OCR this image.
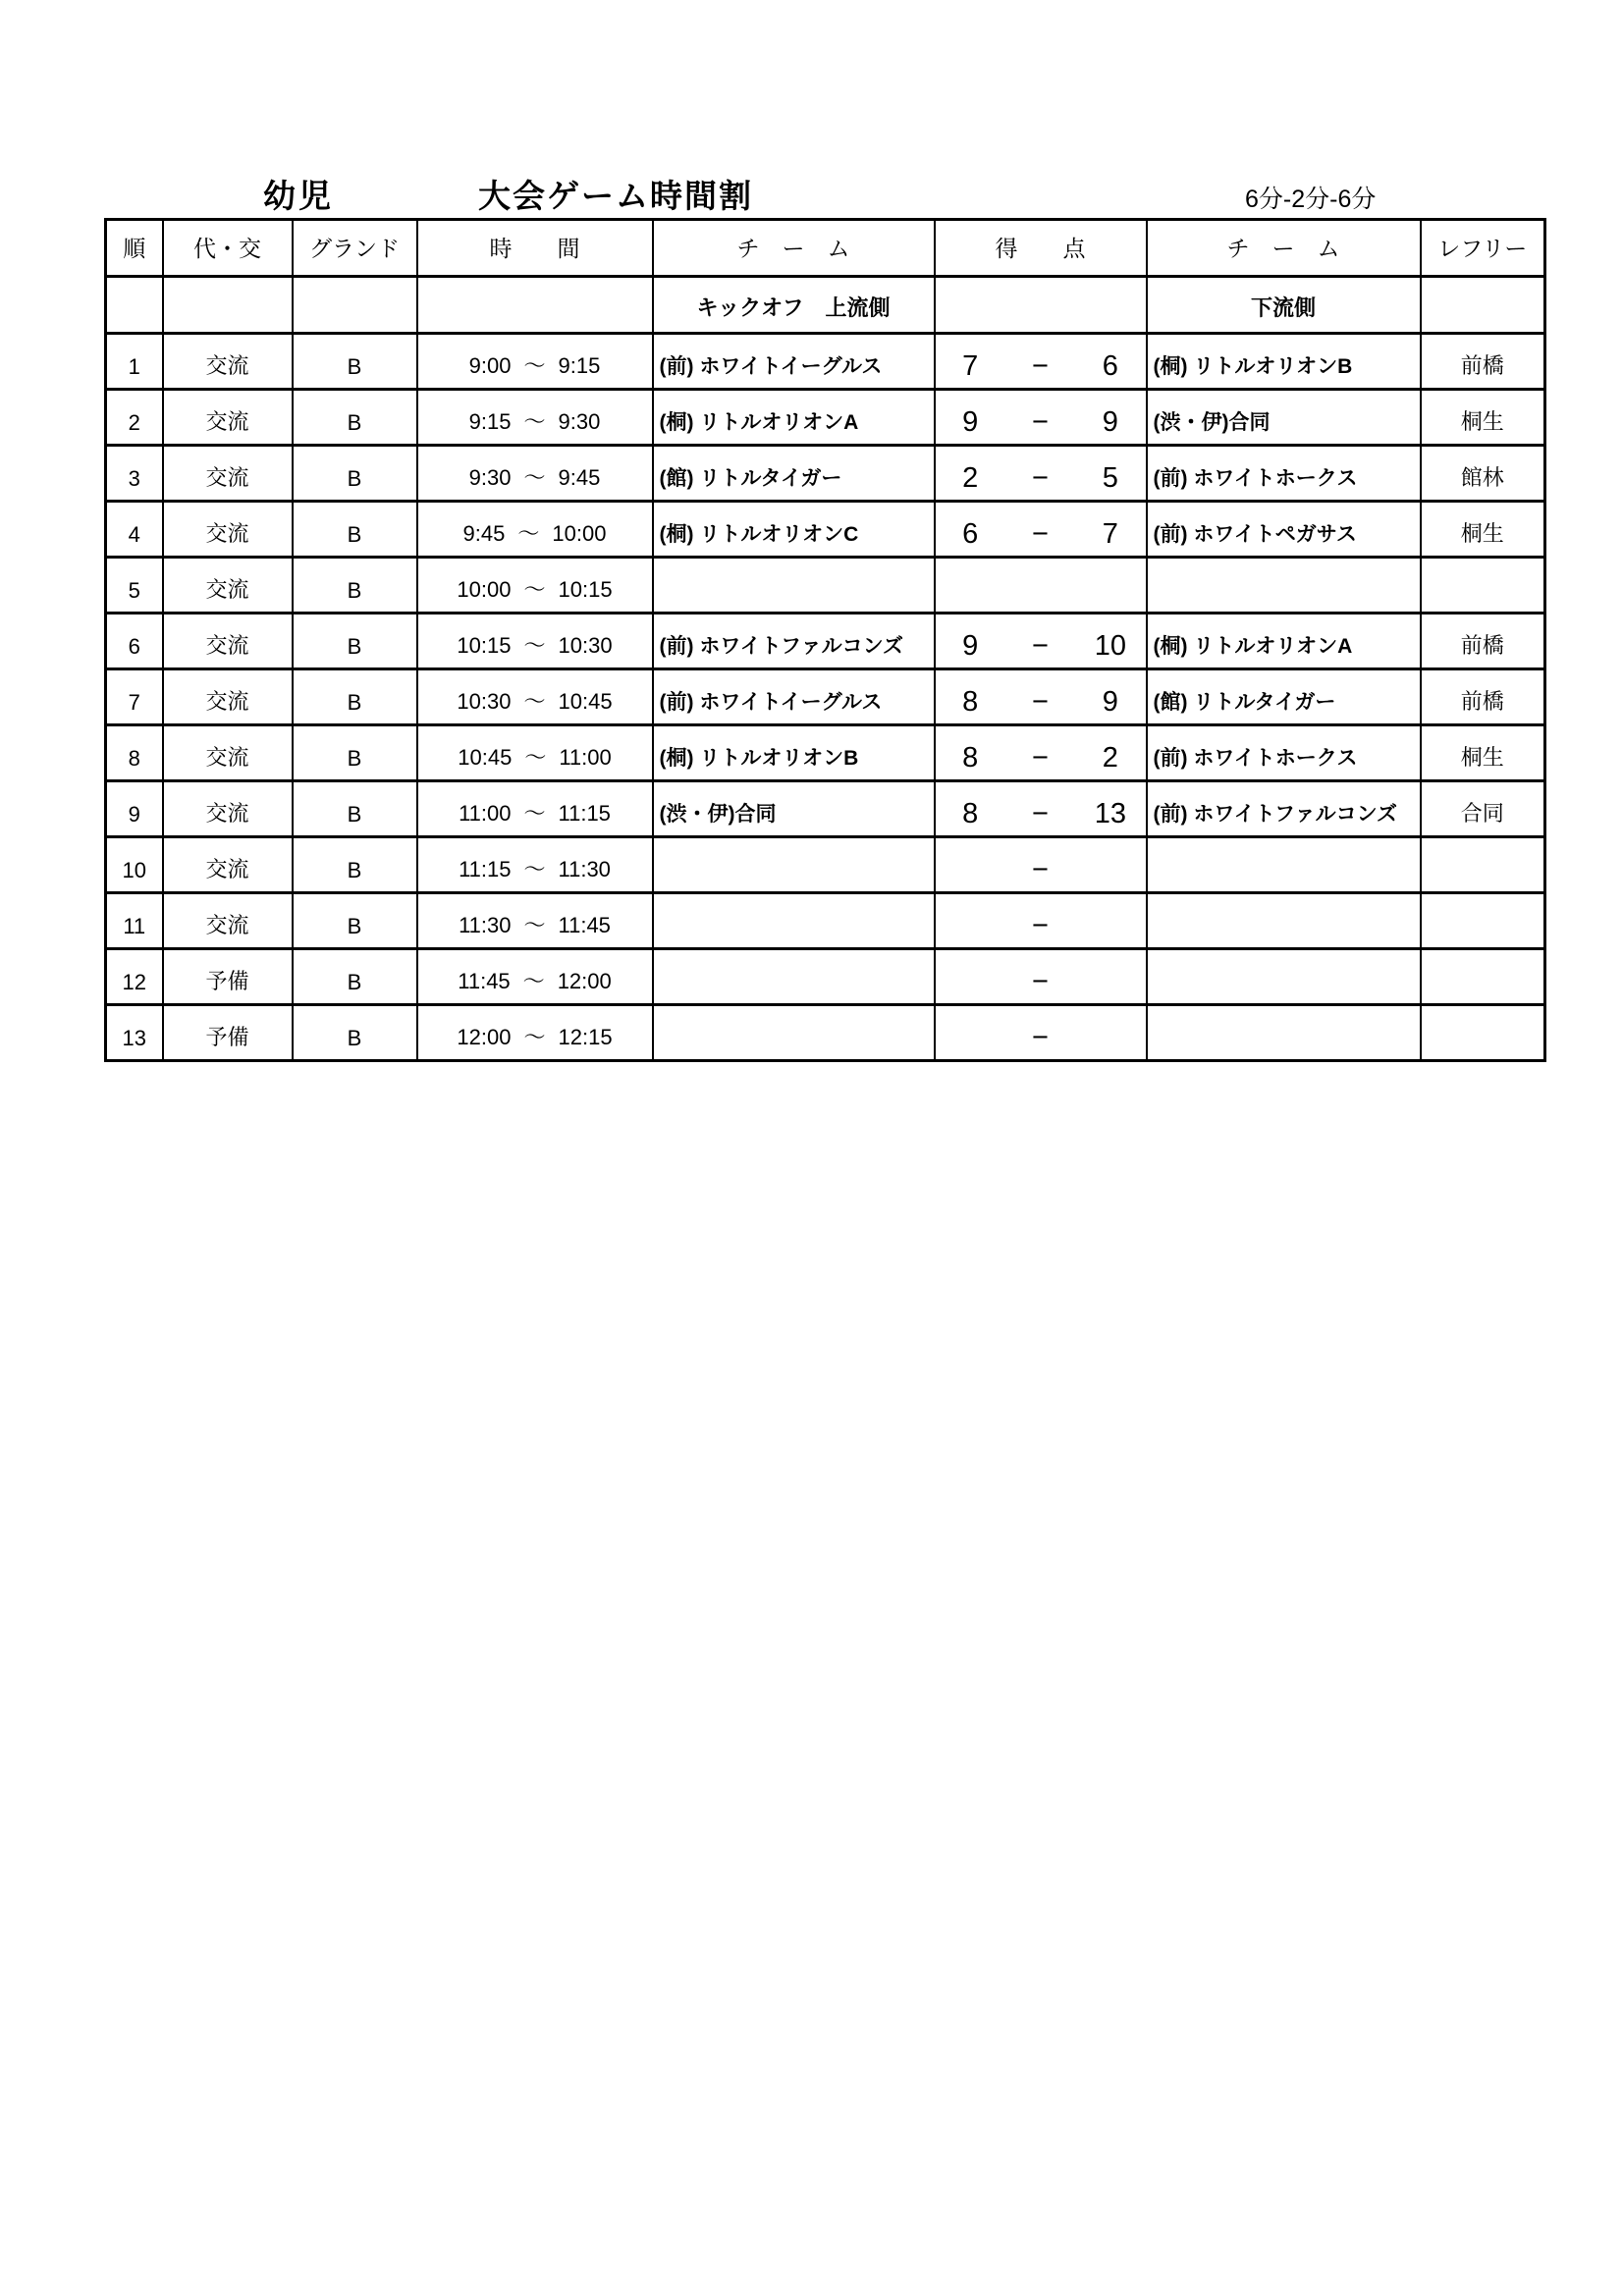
幼児	大会ゲーム時間割	6分-2分-6分
順	代・交	グランド	時　　間	チ　ー　ム	得　　点	チ　ー　ム	レフリー
				キックオフ　上流側		下流側	
1	交流	B	9:00 ～ 9:15	(前) ホワイトイーグルス	7 − 6	(桐) リトルオリオンB	前橋
2	交流	B	9:15 ～ 9:30	(桐) リトルオリオンA	9 − 9	(渋・伊)合同	桐生
3	交流	B	9:30 ～ 9:45	(館) リトルタイガー	2 − 5	(前) ホワイトホークス	館林
4	交流	B	9:45 ～ 10:00	(桐) リトルオリオンC	6 − 7	(前) ホワイトペガサス	桐生
5	交流	B	10:00 ～ 10:15		

6	交流	B	10:15 ～ 10:30	(前) ホワイトファルコンズ	9 − 10	(桐) リトルオリオンA	前橋
7	交流	B	10:30 ～ 10:45	(前) ホワイトイーグルス	8 − 9	(館) リトルタイガー	前橋
8	交流	B	10:45 ～ 11:00	(桐) リトルオリオンB	8 − 2	(前) ホワイトホークス	桐生
9	交流	B	11:00 ～ 11:15	(渋・伊)合同	8 − 13	(前) ホワイトファルコンズ	合同
10	交流	B	11:15 ～ 11:30		−		

11	交流	B	11:30 ～ 11:45		−		

12	予備	B	11:45 ～ 12:00		−		

13	予備	B	12:00 ～ 12:15		−		
